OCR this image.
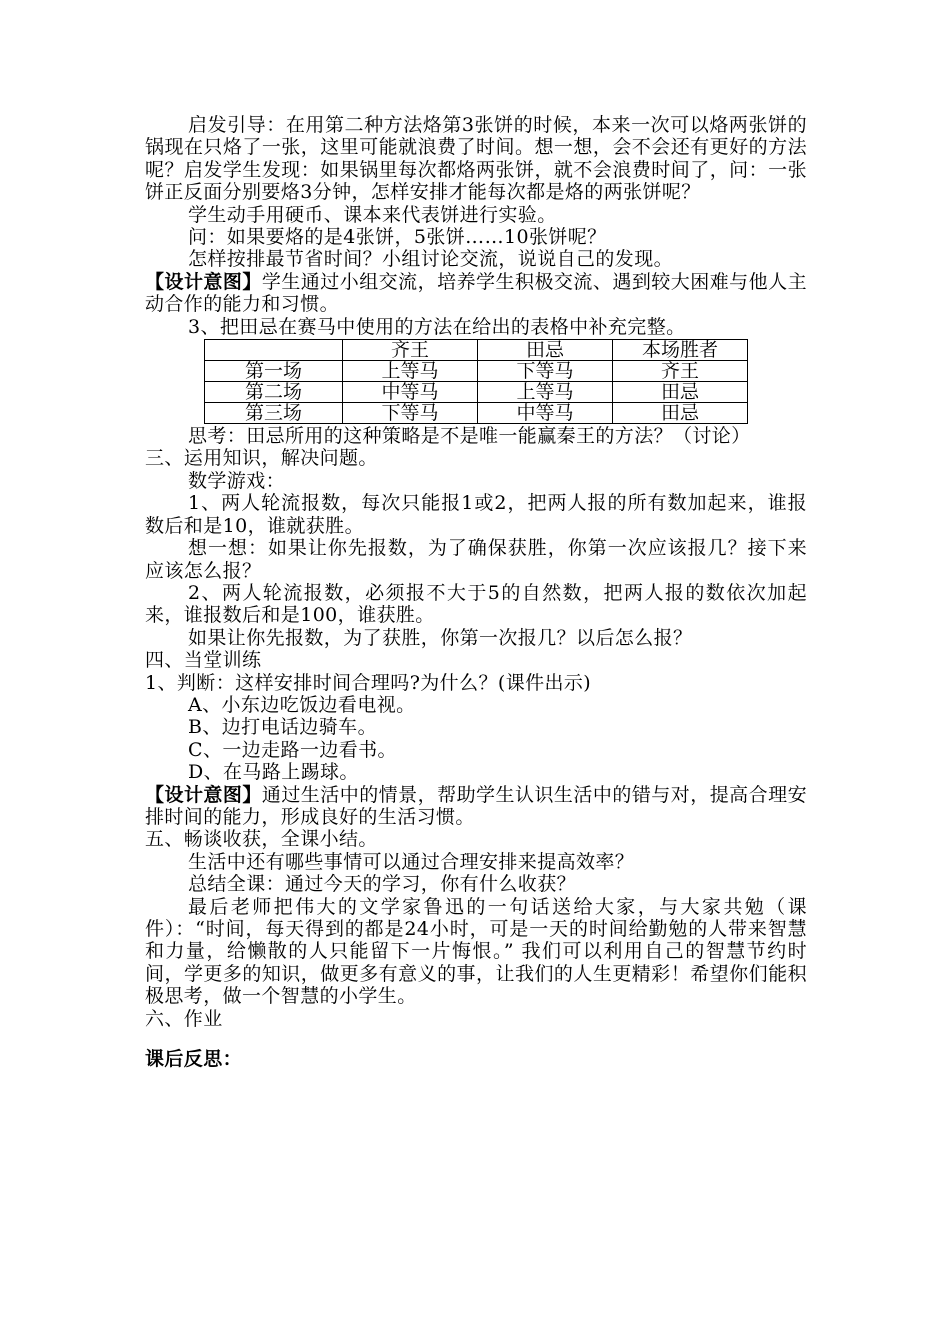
启发引导：在用第二种方法烙第3张饼的时候，本来一次可以烙两张饼的锅现在只烙了一张，这里可能就浪费了时间。想一想，会不会还有更好的方法呢？启发学生发现：如果锅里每次都烙两张饼，就不会浪费时间了，问：一张饼正反面分别要烙3分钟，怎样安排才能每次都是烙的两张饼呢？

学生动手用硬币、课本来代表饼进行实验。

问：如果要烙的是4张饼，5张饼……10张饼呢？

怎样按排最节省时间？小组讨论交流，说说自己的发现。

【设计意图】学生通过小组交流，培养学生积极交流、遇到较大困难与他人主动合作的能力和习惯。

3、把田忌在赛马中使用的方法在给出的表格中补充完整。

	齐王	田忌	本场胜者
第一场	上等马	下等马	齐王
第二场	中等马	上等马	田忌
第三场	下等马	中等马	田忌

思考：田忌所用的这种策略是不是唯一能赢秦王的方法？（讨论）

三、运用知识，解决问题。

数学游戏：

1、两人轮流报数，每次只能报1或2，把两人报的所有数加起来，谁报数后和是10，谁就获胜。

想一想：如果让你先报数，为了确保获胜，你第一次应该报几？接下来应该怎么报？

2、两人轮流报数，必须报不大于5的自然数，把两人报的数依次加起来，谁报数后和是100，谁获胜。

如果让你先报数，为了获胜，你第一次报几？以后怎么报？

四、当堂训练

1、判断：这样安排时间合理吗?为什么？(课件出示)

A、小东边吃饭边看电视。

B、边打电话边骑车。

C、一边走路一边看书。

D、在马路上踢球。

【设计意图】通过生活中的情景，帮助学生认识生活中的错与对，提高合理安排时间的能力，形成良好的生活习惯。

五、畅谈收获，全课小结。

生活中还有哪些事情可以通过合理安排来提高效率？

总结全课：通过今天的学习，你有什么收获？

最后老师把伟大的文学家鲁迅的一句话送给大家，与大家共勉（课件）：“时间，每天得到的都是24小时，可是一天的时间给勤勉的人带来智慧和力量，给懒散的人只能留下一片悔恨。” 我们可以利用自己的智慧节约时间，学更多的知识，做更多有意义的事，让我们的人生更精彩！希望你们能积极思考，做一个智慧的小学生。

六、作业

课后反思：
